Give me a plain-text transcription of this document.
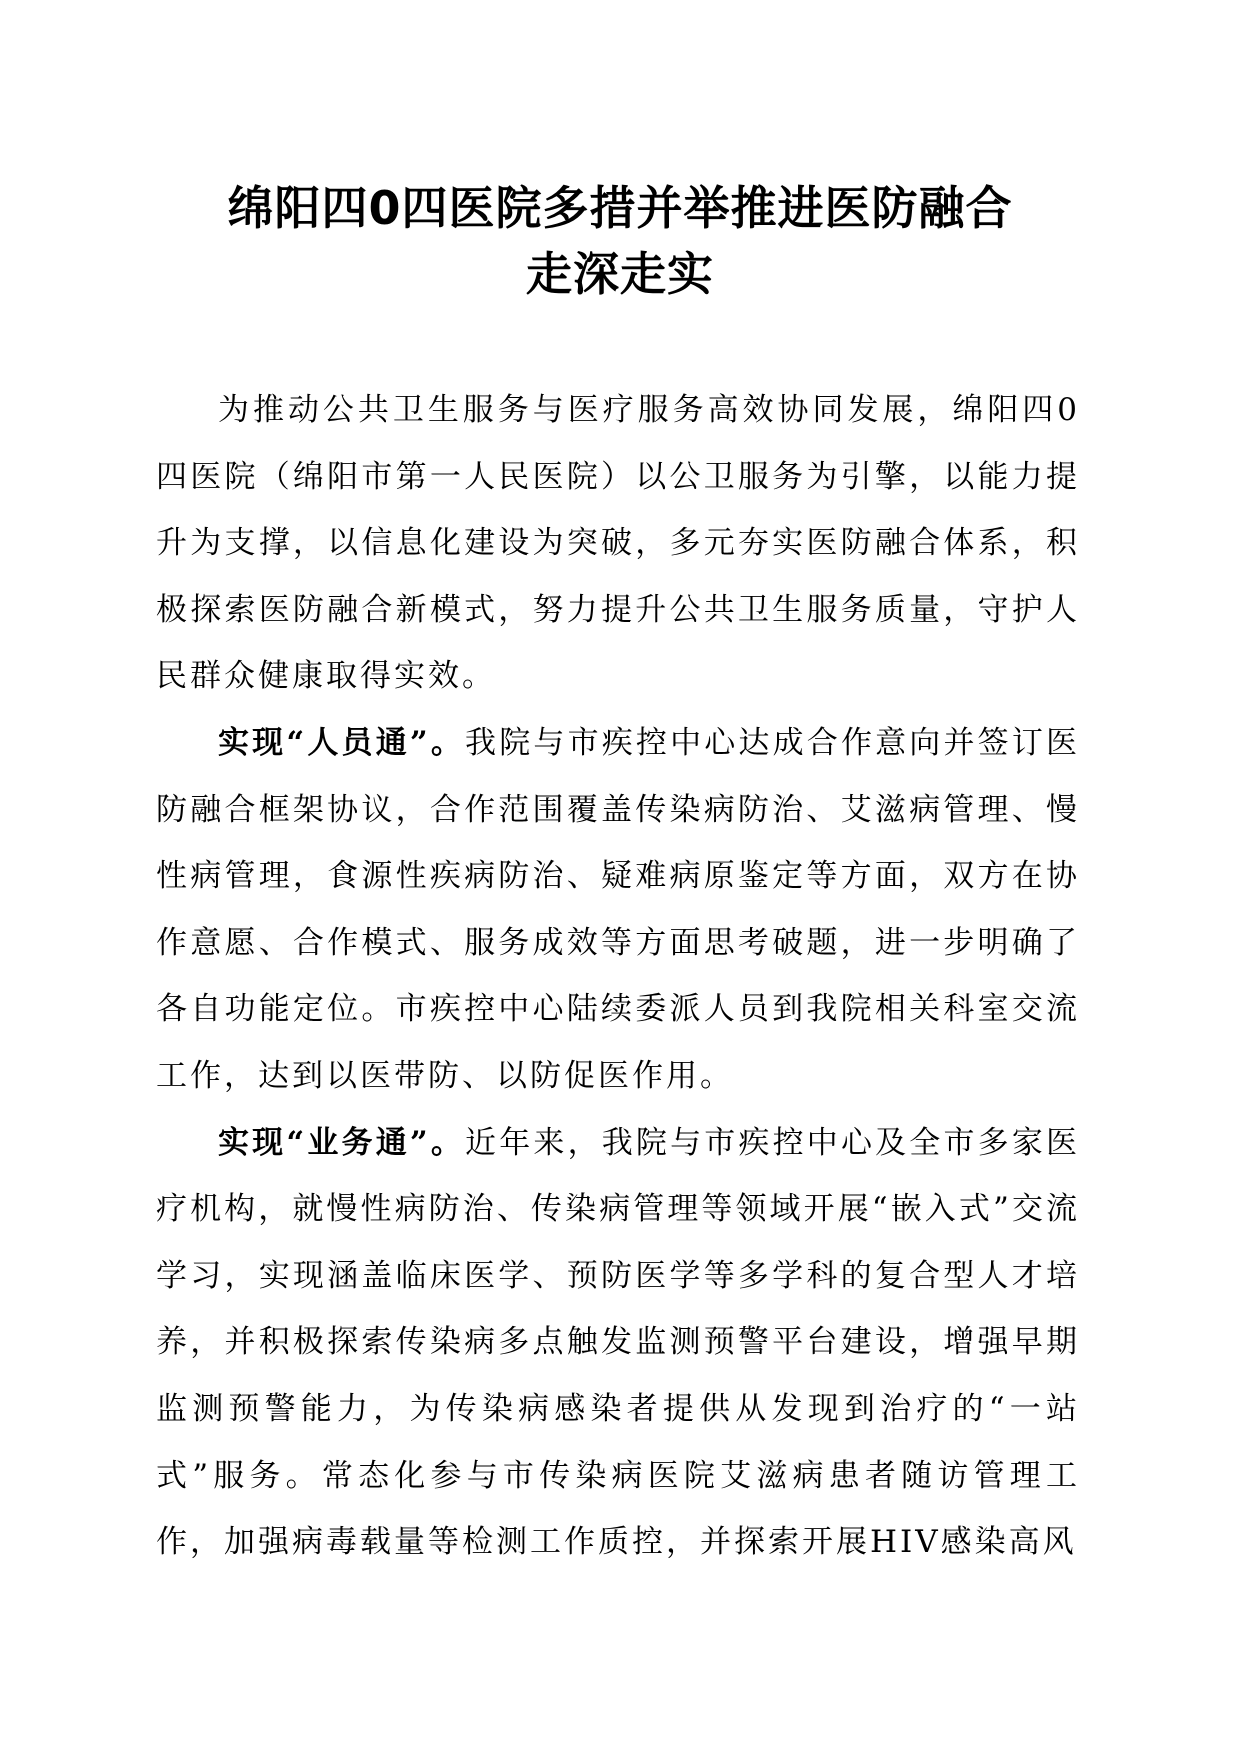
绵阳四0四医院多措并举推进医防融合
走深走实

为推动公共卫生服务与医疗服务高效协同发展，绵阳四0四医院（绵阳市第一人民医院）以公卫服务为引擎，以能力提升为支撑，以信息化建设为突破，多元夯实医防融合体系，积极探索医防融合新模式，努力提升公共卫生服务质量，守护人民群众健康取得实效。

实现“人员通”。我院与市疾控中心达成合作意向并签订医防融合框架协议，合作范围覆盖传染病防治、艾滋病管理、慢性病管理，食源性疾病防治、疑难病原鉴定等方面，双方在协作意愿、合作模式、服务成效等方面思考破题，进一步明确了各自功能定位。市疾控中心陆续委派人员到我院相关科室交流工作，达到以医带防、以防促医作用。

实现“业务通”。近年来，我院与市疾控中心及全市多家医疗机构，就慢性病防治、传染病管理等领域开展“嵌入式”交流学习，实现涵盖临床医学、预防医学等多学科的复合型人才培养，并积极探索传染病多点触发监测预警平台建设，增强早期监测预警能力，为传染病感染者提供从发现到治疗的“一站式”服务。常态化参与市传染病医院艾滋病患者随访管理工作，加强病毒载量等检测工作质控，并探索开展HIV感染高风
